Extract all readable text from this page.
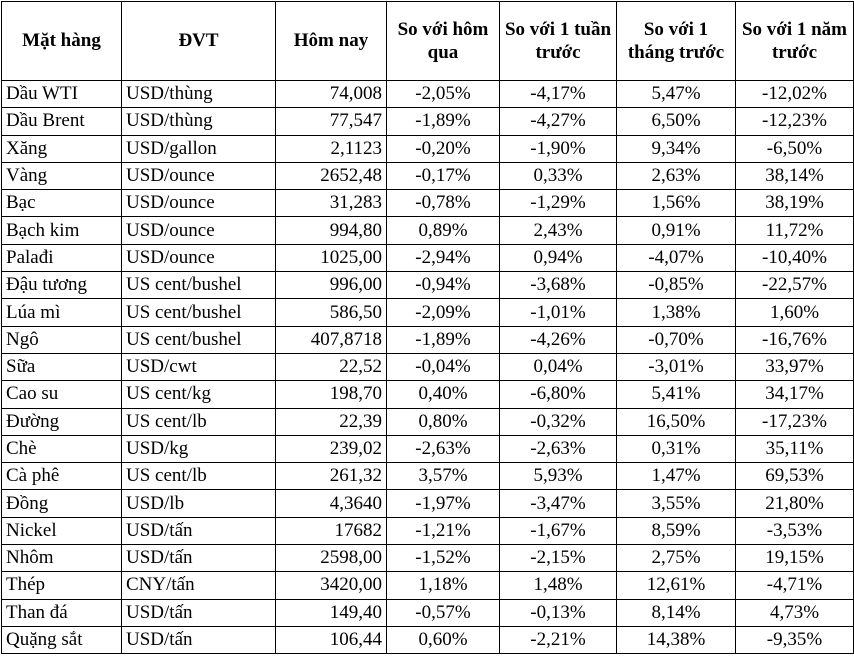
Mặt hàng	ĐVT	Hôm nay	So với hôm qua	So với 1 tuần trước	So với 1 tháng trước	So với 1 năm trước
Dầu WTI	USD/thùng	74,008	-2,05%	-4,17%	5,47%	-12,02%
Dầu Brent	USD/thùng	77,547	-1,89%	-4,27%	6,50%	-12,23%
Xăng	USD/gallon	2,1123	-0,20%	-1,90%	9,34%	-6,50%
Vàng	USD/ounce	2652,48	-0,17%	0,33%	2,63%	38,14%
Bạc	USD/ounce	31,283	-0,78%	-1,29%	1,56%	38,19%
Bạch kim	USD/ounce	994,80	0,89%	2,43%	0,91%	11,72%
Palađi	USD/ounce	1025,00	-2,94%	0,94%	-4,07%	-10,40%
Đậu tương	US cent/bushel	996,00	-0,94%	-3,68%	-0,85%	-22,57%
Lúa mì	US cent/bushel	586,50	-2,09%	-1,01%	1,38%	1,60%
Ngô	US cent/bushel	407,8718	-1,89%	-4,26%	-0,70%	-16,76%
Sữa	USD/cwt	22,52	-0,04%	0,04%	-3,01%	33,97%
Cao su	US cent/kg	198,70	0,40%	-6,80%	5,41%	34,17%
Đường	US cent/lb	22,39	0,80%	-0,32%	16,50%	-17,23%
Chè	USD/kg	239,02	-2,63%	-2,63%	0,31%	35,11%
Cà phê	US cent/lb	261,32	3,57%	5,93%	1,47%	69,53%
Đồng	USD/lb	4,3640	-1,97%	-3,47%	3,55%	21,80%
Nickel	USD/tấn	17682	-1,21%	-1,67%	8,59%	-3,53%
Nhôm	USD/tấn	2598,00	-1,52%	-2,15%	2,75%	19,15%
Thép	CNY/tấn	3420,00	1,18%	1,48%	12,61%	-4,71%
Than đá	USD/tấn	149,40	-0,57%	-0,13%	8,14%	4,73%
Quặng sắt	USD/tấn	106,44	0,60%	-2,21%	14,38%	-9,35%
